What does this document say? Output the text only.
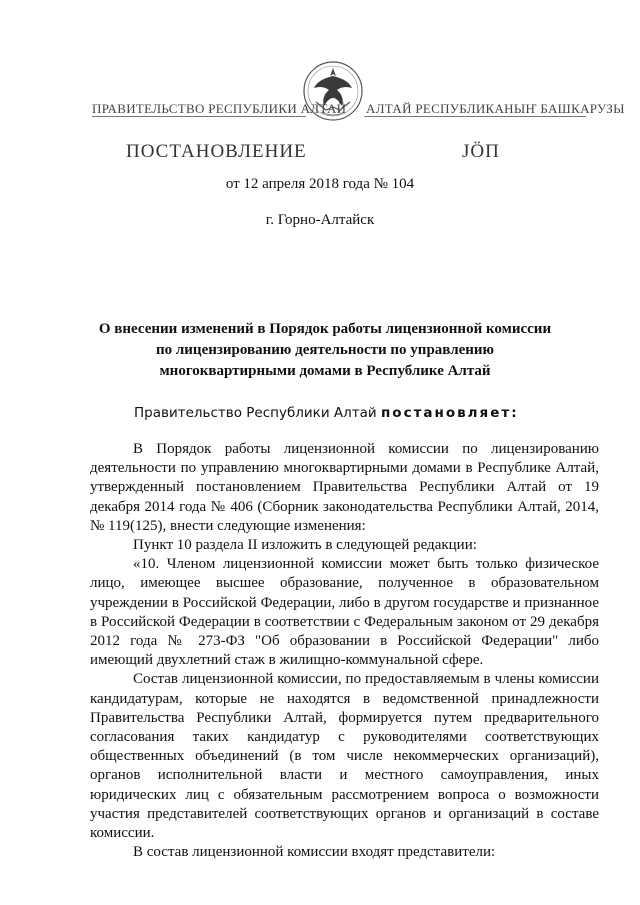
ПРАВИТЕЛЬСТВО РЕСПУБЛИКИ АЛТАЙ АЛТАЙ РЕСПУБЛИКАНЫҤ БАШКАРУЗЫ
ПОСТАНОВЛЕНИЕ	ЈӦП
от 12 апреля 2018 года № 104
г. Горно-Алтайск
О внесении изменений в Порядок работы лицензионной комиссии по лицензированию деятельности по управлению многоквартирными домами в Республике Алтай
Правительство Республики Алтай постановляет:

В Порядок работы лицензионной комиссии по лицензированию деятельности по управлению многоквартирными домами в Республике Алтай, утвержденный постановлением Правительства Республики Алтай от 19 декабря 2014 года № 406 (Сборник законодательства Республики Алтай, 2014, № 119(125), внести следующие изменения:

Пункт 10 раздела II изложить в следующей редакции:

«10. Членом лицензионной комиссии может быть только физическое лицо, имеющее высшее образование, полученное в образовательном учреждении в Российской Федерации, либо в другом государстве и признанное в Российской Федерации в соответствии с Федеральным законом от 29 декабря 2012 года № 273-ФЗ "Об образовании в Российской Федерации" либо имеющий двухлетний стаж в жилищно-коммунальной сфере.

Состав лицензионной комиссии, по предоставляемым в члены комиссии кандидатурам, которые не находятся в ведомственной принадлежности Правительства Республики Алтай, формируется путем предварительного согласования таких кандидатур с руководителями соответствующих общественных объединений (в том числе некоммерческих организаций), органов исполнительной власти и местного самоуправления, иных юридических лиц с обязательным рассмотрением вопроса о возможности участия представителей соответствующих органов и организаций в составе комиссии.

В состав лицензионной комиссии входят представители:
